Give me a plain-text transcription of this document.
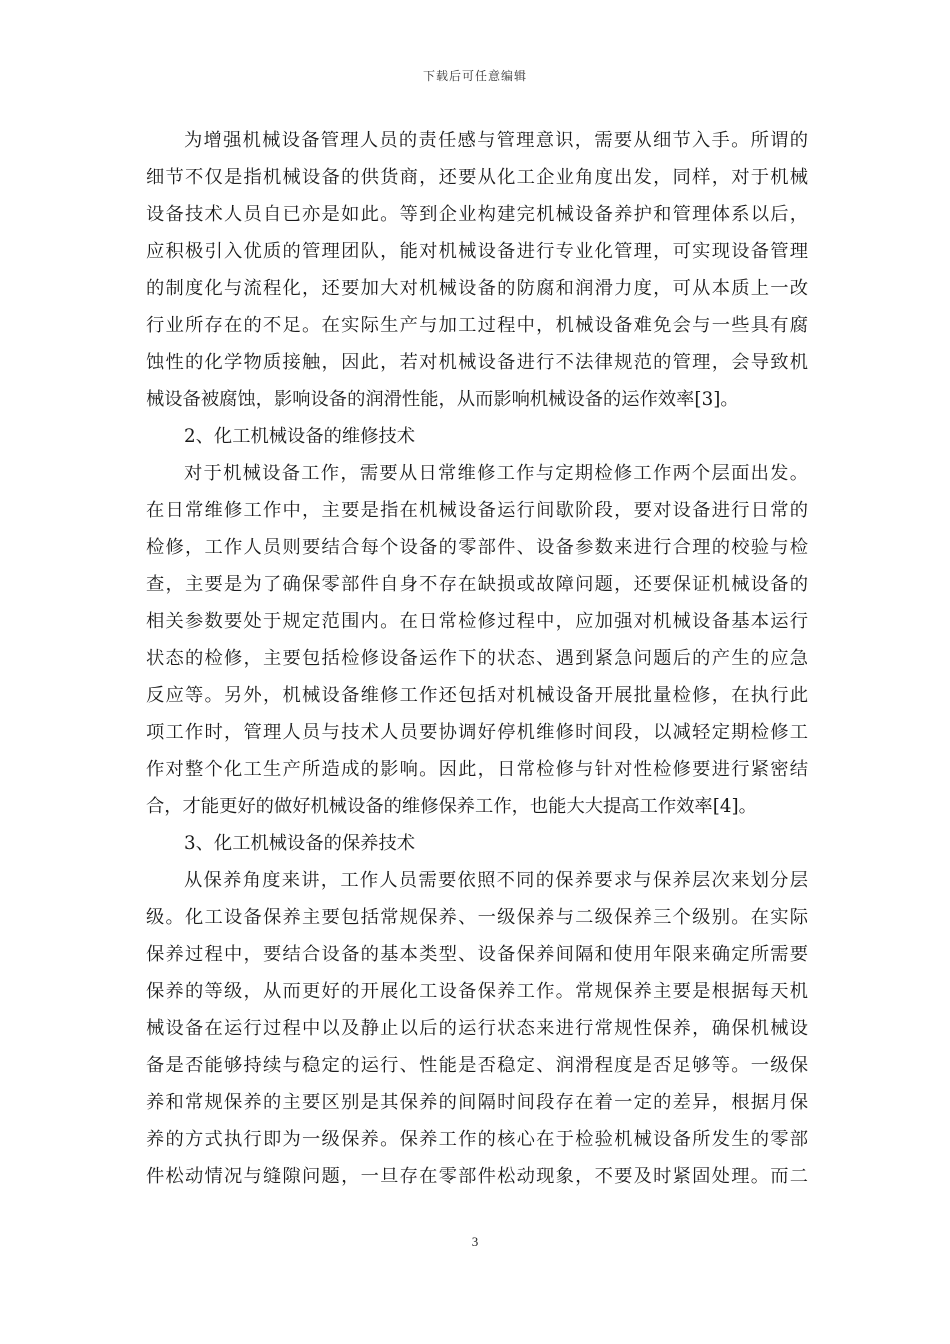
下载后可任意编辑
为增强机械设备管理人员的责任感与管理意识，需要从细节入手。所谓的
细节不仅是指机械设备的供货商，还要从化工企业角度出发，同样，对于机械
设备技术人员自已亦是如此。等到企业构建完机械设备养护和管理体系以后，
应积极引入优质的管理团队，能对机械设备进行专业化管理，可实现设备管理
的制度化与流程化，还要加大对机械设备的防腐和润滑力度，可从本质上一改
行业所存在的不足。在实际生产与加工过程中，机械设备难免会与一些具有腐
蚀性的化学物质接触，因此，若对机械设备进行不法律规范的管理，会导致机
械设备被腐蚀，影响设备的润滑性能，从而影响机械设备的运作效率[3]。
2、化工机械设备的维修技术
对于机械设备工作，需要从日常维修工作与定期检修工作两个层面出发。
在日常维修工作中，主要是指在机械设备运行间歇阶段，要对设备进行日常的
检修，工作人员则要结合每个设备的零部件、设备参数来进行合理的校验与检
查，主要是为了确保零部件自身不存在缺损或故障问题，还要保证机械设备的
相关参数要处于规定范围内。在日常检修过程中，应加强对机械设备基本运行
状态的检修，主要包括检修设备运作下的状态、遇到紧急问题后的产生的应急
反应等。另外，机械设备维修工作还包括对机械设备开展批量检修，在执行此
项工作时，管理人员与技术人员要协调好停机维修时间段，以减轻定期检修工
作对整个化工生产所造成的影响。因此，日常检修与针对性检修要进行紧密结
合，才能更好的做好机械设备的维修保养工作，也能大大提高工作效率[4]。
3、化工机械设备的保养技术
从保养角度来讲，工作人员需要依照不同的保养要求与保养层次来划分层
级。化工设备保养主要包括常规保养、一级保养与二级保养三个级别。在实际
保养过程中，要结合设备的基本类型、设备保养间隔和使用年限来确定所需要
保养的等级，从而更好的开展化工设备保养工作。常规保养主要是根据每天机
械设备在运行过程中以及静止以后的运行状态来进行常规性保养，确保机械设
备是否能够持续与稳定的运行、性能是否稳定、润滑程度是否足够等。一级保
养和常规保养的主要区别是其保养的间隔时间段存在着一定的差异，根据月保
养的方式执行即为一级保养。保养工作的核心在于检验机械设备所发生的零部
件松动情况与缝隙问题，一旦存在零部件松动现象，不要及时紧固处理。而二
3
